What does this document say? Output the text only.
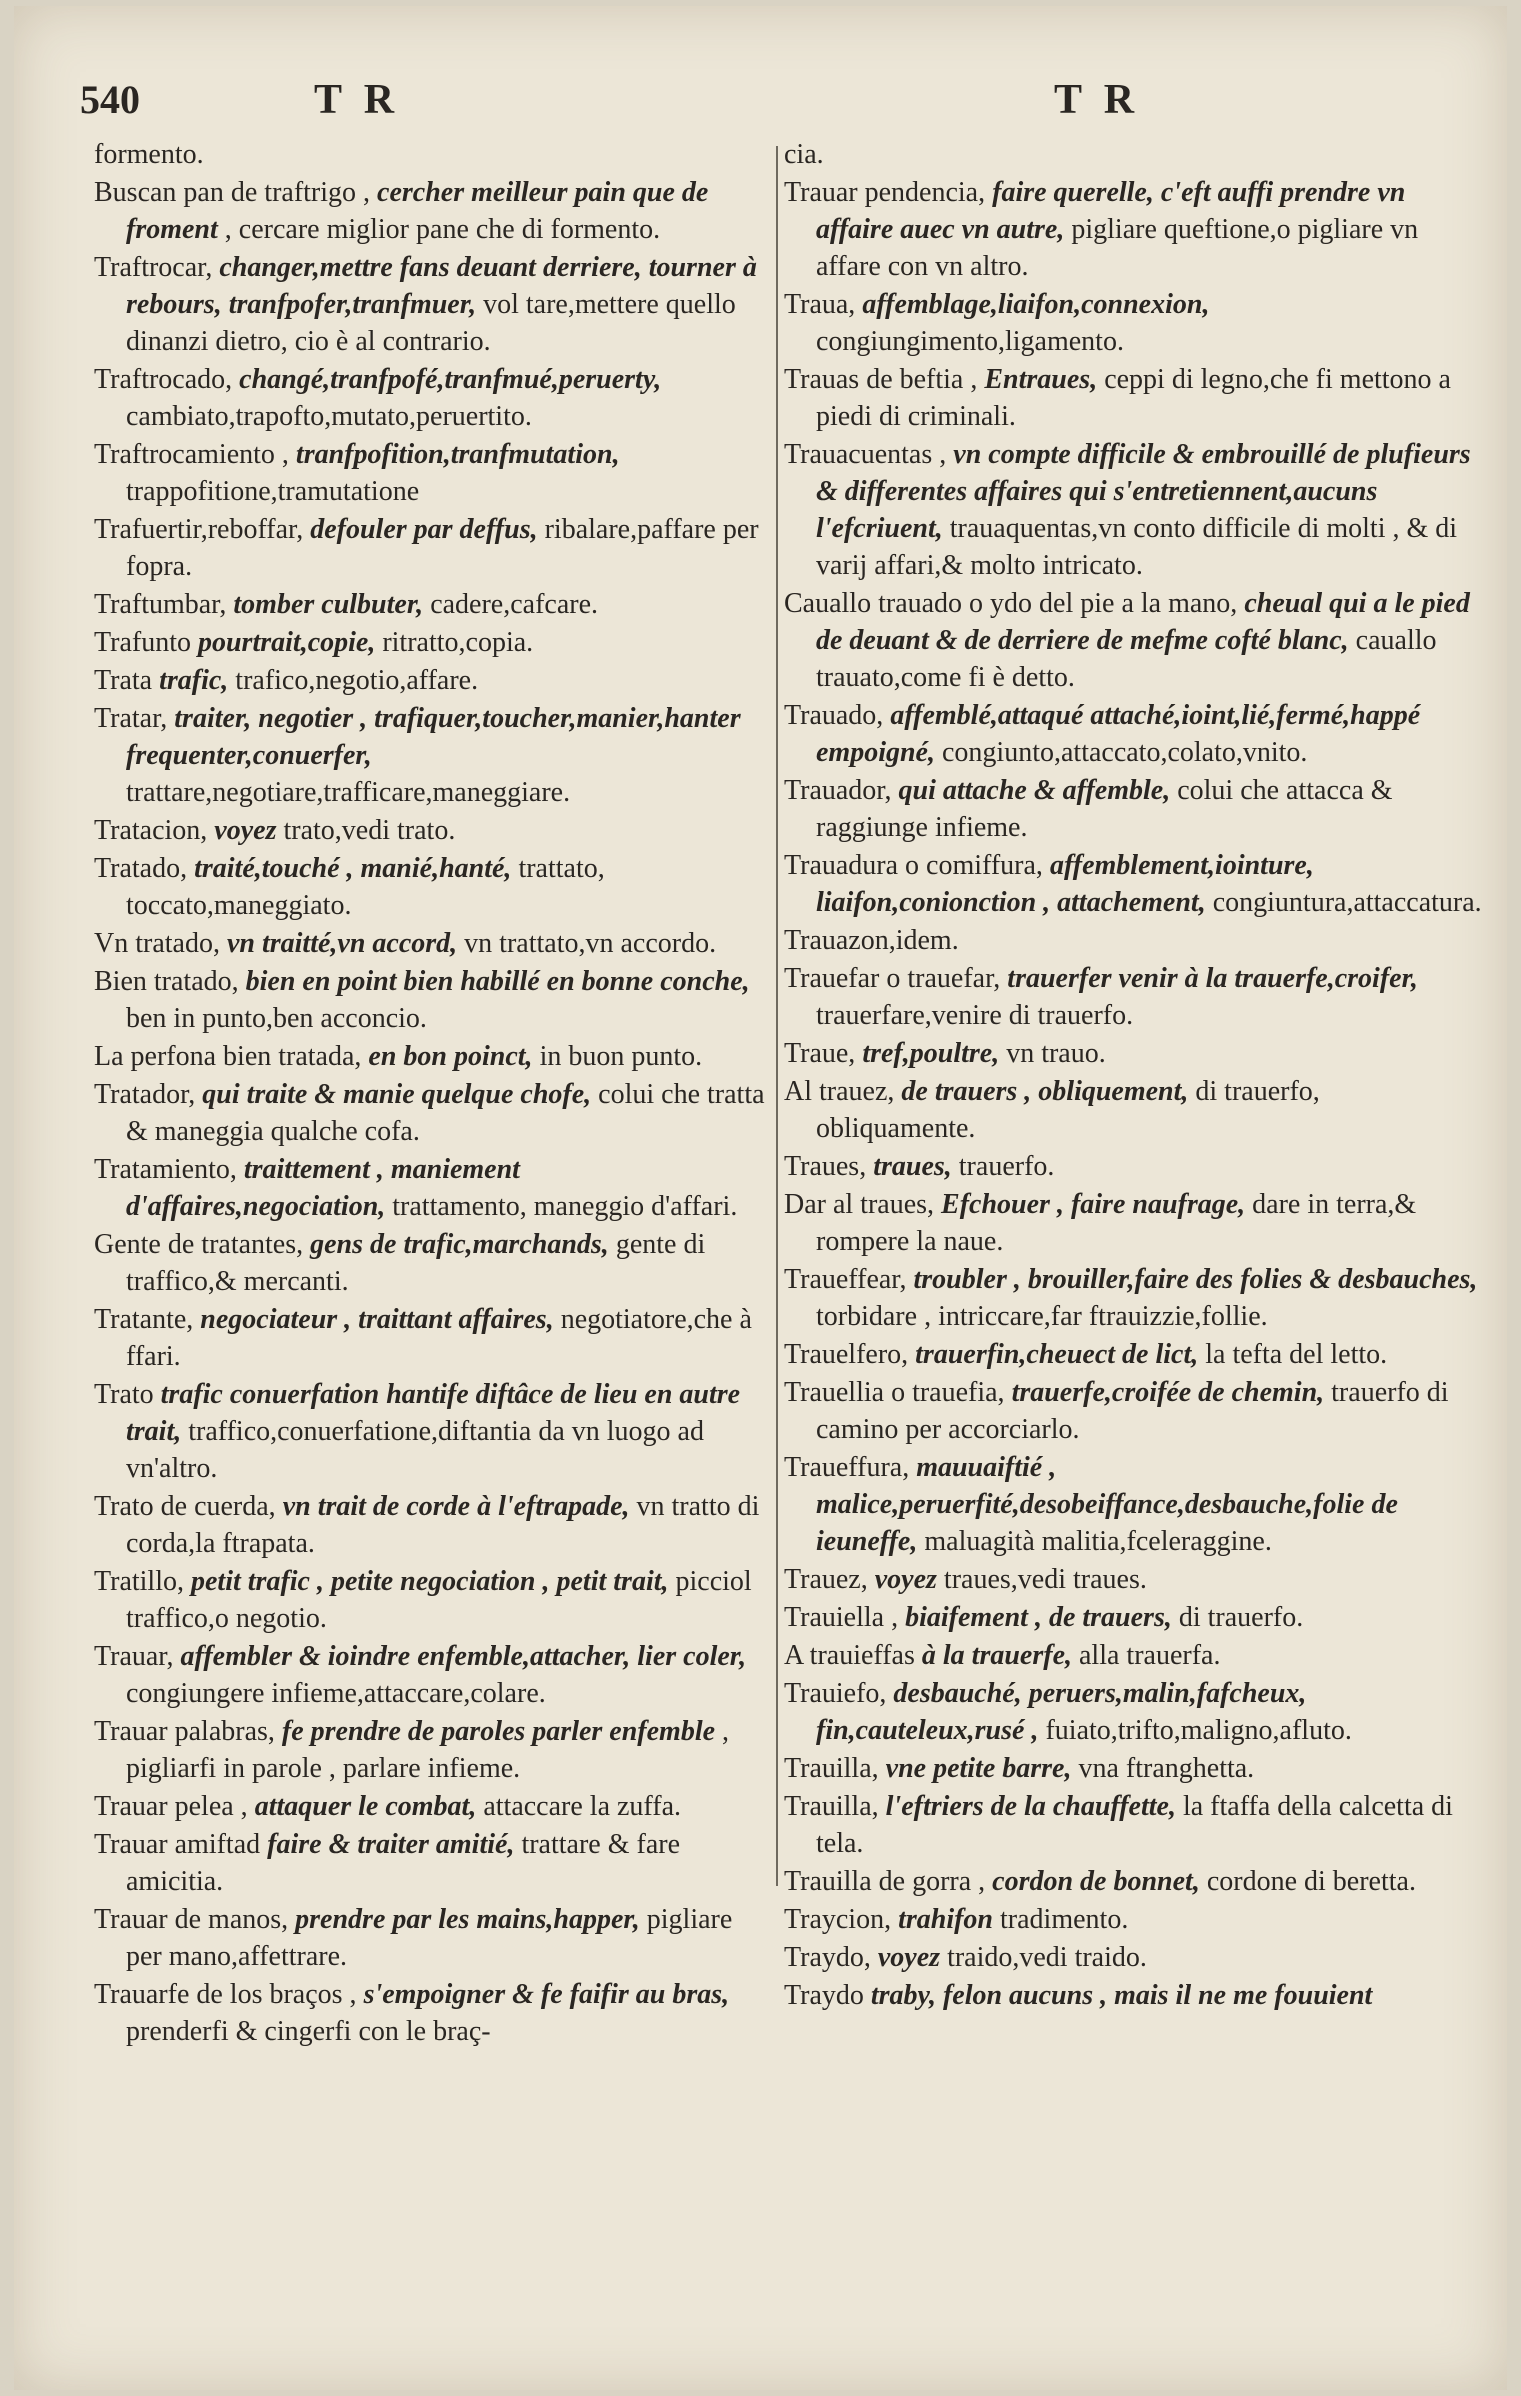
540	T R	T R
formento.
Buscan pan de traftrigo , cercher meilleur pain que de froment , cercare miglior pane che di formento.
Traftrocar, changer,mettre fans deuant derriere, tourner à rebours, tranfpofer,tranfmuer, vol tare,mettere quello dinanzi dietro, cio è al contrario.
Traftrocado, changé,tranfpofé,tranfmué,peruerty, cambiato,trapofto,mutato,peruertito.
Traftrocamiento , tranfpofition,tranfmutation, trappofitione,tramutatione
Trafuertir,reboffar, defouler par deffus, ribalare,paffare per fopra.
Traftumbar, tomber culbuter, cadere,cafcare.
Trafunto pourtrait,copie, ritratto,copia.
Trata trafic, trafico,negotio,affare.
Tratar, traiter, negotier , trafiquer,toucher,manier,hanter frequenter,conuerfer, trattare,negotiare,trafficare,maneggiare.
Tratacion, voyez trato,vedi trato.
Tratado, traité,touché , manié,hanté, trattato, toccato,maneggiato.
Vn tratado, vn traitté,vn accord, vn trattato,vn accordo.
Bien tratado, bien en point bien habillé en bonne conche, ben in punto,ben acconcio.
La perfona bien tratada, en bon poinct, in buon punto.
Tratador, qui traite & manie quelque chofe, colui che tratta & maneggia qualche cofa.
Tratamiento, traittement , maniement d'affaires,negociation, trattamento, maneggio d'affari.
Gente de tratantes, gens de trafic,marchands, gente di traffico,& mercanti.
Tratante, negociateur , traittant affaires, negotiatore,che à ffari.
Trato trafic conuerfation hantife diftâce de lieu en autre trait, traffico,conuerfatione,diftantia da vn luogo ad vn'altro.
Trato de cuerda, vn trait de corde à l'eftrapade, vn tratto di corda,la ftrapata.
Tratillo, petit trafic , petite negociation , petit trait, picciol traffico,o negotio.
Trauar, affembler & ioindre enfemble,attacher, lier coler, congiungere infieme,attaccare,colare.
Trauar palabras, fe prendre de paroles parler enfemble , pigliarfi in parole , parlare infieme.
Trauar pelea , attaquer le combat, attaccare la zuffa.
Trauar amiftad faire & traiter amitié, trattare & fare amicitia.
Trauar de manos, prendre par les mains,happer, pigliare per mano,affettrare.
Trauarfe de los braços , s'empoigner & fe faifir au bras, prenderfi & cingerfi con le braç-
cia.
Trauar pendencia, faire querelle, c'eft auffi prendre vn affaire auec vn autre, pigliare queftione,o pigliare vn affare con vn altro.
Traua, affemblage,liaifon,connexion, congiungimento,ligamento.
Trauas de beftia , Entraues, ceppi di legno,che fi mettono a piedi di criminali.
Trauacuentas , vn compte difficile & embrouillé de plufieurs & differentes affaires qui s'entretiennent,aucuns l'efcriuent, trauaquentas,vn conto difficile di molti , & di varij affari,& molto intricato.
Cauallo trauado o ydo del pie a la mano, cheual qui a le pied de deuant & de derriere de mefme cofté blanc, cauallo trauato,come fi è detto.
Trauado, affemblé,attaqué attaché,ioint,lié,fermé,happé empoigné, congiunto,attaccato,colato,vnito.
Trauador, qui attache & affemble, colui che attacca & raggiunge infieme.
Trauadura o comiffura, affemblement,iointure, liaifon,conionction , attachement, congiuntura,attaccatura.
Trauazon,idem.
Trauefar o trauefar, trauerfer venir à la trauerfe,croifer, trauerfare,venire di trauerfo.
Traue, tref,poultre, vn trauo.
Al trauez, de trauers , obliquement, di trauerfo, obliquamente.
Traues, traues, trauerfo.
Dar al traues, Efchouer , faire naufrage, dare in terra,& rompere la naue.
Traueffear, troubler , brouiller,faire des folies & desbauches, torbidare , intriccare,far ftrauizzie,follie.
Trauelfero, trauerfin,cheuect de lict, la tefta del letto.
Trauellia o trauefia, trauerfe,croifée de chemin, trauerfo di camino per accorciarlo.
Traueffura, mauuaiftié , malice,peruerfité,desobeiffance,desbauche,folie de ieuneffe, maluagità malitia,fceleraggine.
Trauez, voyez traues,vedi traues.
Trauiella , biaifement , de trauers, di trauerfo.
A trauieffas à la trauerfe, alla trauerfa.
Trauiefo, desbauché, peruers,malin,fafcheux, fin,cauteleux,rusé , fuiato,trifto,maligno,afluto.
Trauilla, vne petite barre, vna ftranghetta.
Trauilla, l'eftriers de la chauffette, la ftaffa della calcetta di tela.
Trauilla de gorra , cordon de bonnet, cordone di beretta.
Traycion, trahifon tradimento.
Traydo, voyez traido,vedi traido.
Traydo traby, felon aucuns , mais il ne me fouuient
